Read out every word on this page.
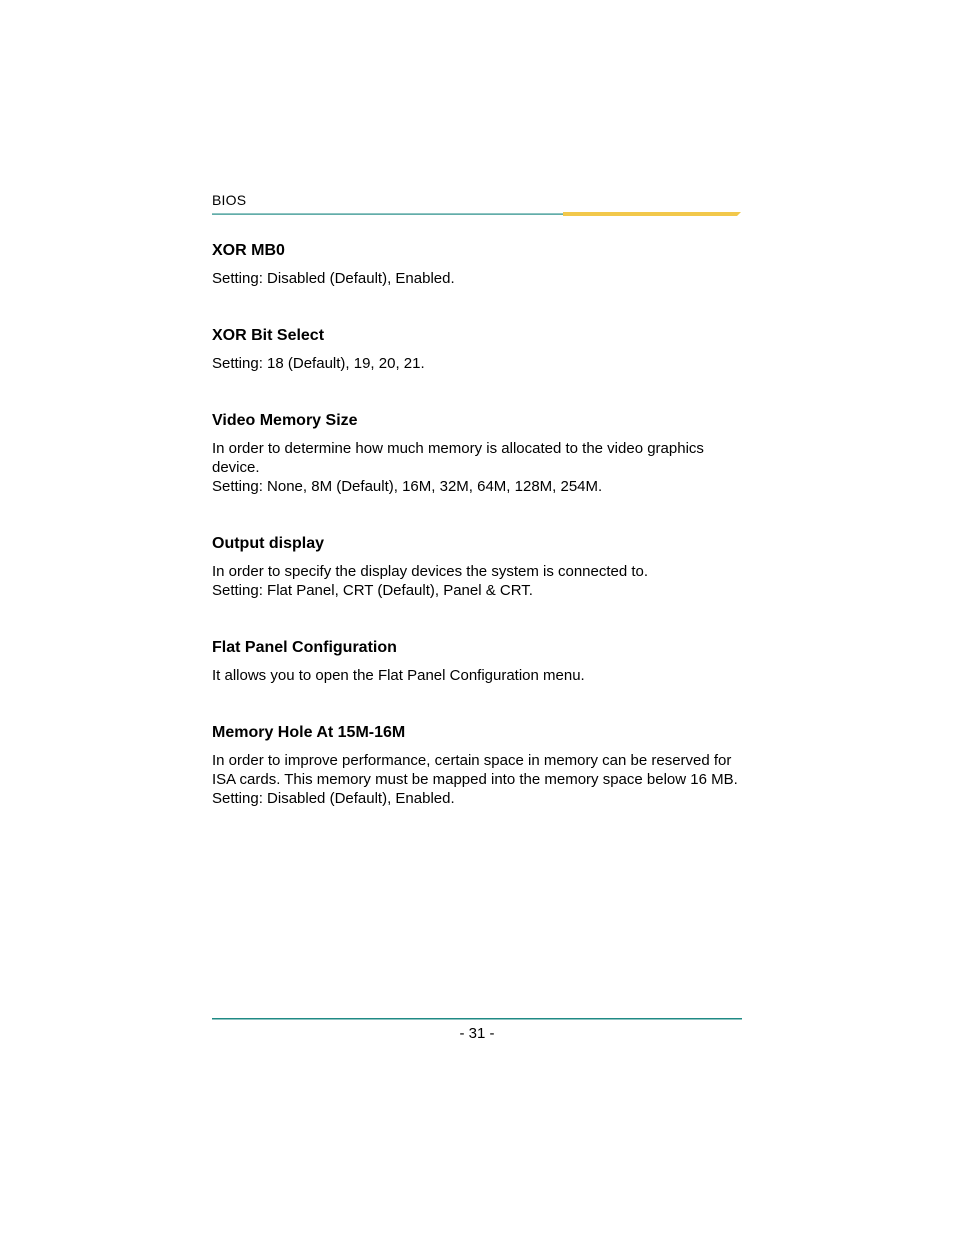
BIOS
XOR MB0

Setting: Disabled (Default), Enabled.

XOR Bit Select

Setting: 18 (Default), 19, 20, 21.

Video Memory Size

In order to determine how much memory is allocated to the video graphics device.

Setting: None, 8M (Default), 16M, 32M, 64M, 128M, 254M.

Output display

In order to specify the display devices the system is connected to.

Setting: Flat Panel, CRT (Default), Panel & CRT.

Flat Panel Configuration

It allows you to open the Flat Panel Configuration menu.

Memory Hole At 15M-16M

In order to improve performance, certain space in memory can be reserved for ISA cards. This memory must be mapped into the memory space below 16 MB.

Setting: Disabled (Default), Enabled.

- 31 -
